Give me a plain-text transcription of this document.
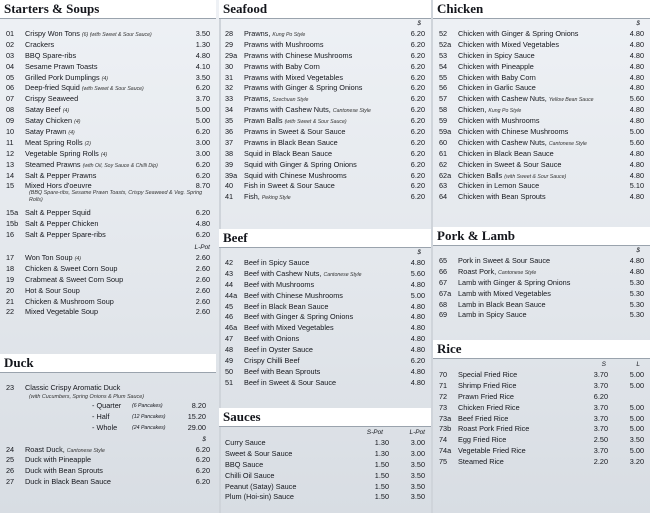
Starters & Soups
01	Crispy Won Tons (6) (with Sweet & Sour Sauce)	3.50
02	Crackers	1.30
03	BBQ Spare-ribs	4.80
04	Sesame Prawn Toasts	4.10
05	Grilled Pork Dumplings (4)	3.50
06	Deep-fried Squid (with Sweet & Sour Sauce)	6.20
07	Crispy Seaweed	3.70
08	Satay Beef (4)	5.00
09	Satay Chicken (4)	5.00
10	Satay Prawn (4)	6.20
11	Meat Spring Rolls (2)	3.00
12	Vegetable Spring Rolls (4)	3.00
13	Steamed Prawns (with Oil, Soy Sauce & Chilli Dip)	6.20
14	Salt & Pepper Prawns	6.20
15	Mixed Hors d'oeuvre	8.70
(BBQ Spare-ribs, Sesame Prawn Toasts, Crispy Seaweed & Veg. Spring Rolls)
15a Salt & Pepper Squid	6.20
15b Salt & Pepper Chicken	4.80
16	Salt & Pepper Spare-ribs	6.20
L-Pot
17	Won Ton Soup (4)	2.60
18	Chicken & Sweet Corn Soup	2.60
19	Crabmeat & Sweet Corn Soup	2.60
20	Hot & Sour Soup	2.60
21	Chicken & Mushroom Soup	2.60
22	Mixed Vegetable Soup	2.60
Duck
23	Classic Crispy Aromatic Duck
(with Cucumbers, Spring Onions & Plum Sauce)
- Quarter (6 Pancakes)	8.20
- Half	(12 Pancakes)	15.20
- Whole	(24 Pancakes)	29.00
$
24	Roast Duck, Cantonese Style	6.20
25	Duck with Pineapple	6.20
26	Duck with Bean Sprouts	6.20
27	Duck in Black Bean Sauce	6.20
Seafood
$
28	Prawns, Kung Po Style	6.20
29	Prawns with Mushrooms	6.20
29a Prawns with Chinese Mushrooms	6.20
30	Prawns with Baby Corn	6.20
31	Prawns with Mixed Vegetables	6.20
32	Prawns with Ginger & Spring Onions	6.20
33	Prawns, Szechuan Style	6.20
34	Prawns with Cashew Nuts, Cantonese Style	6.20
35	Prawn Balls (with Sweet & Sour Sauce)	6.20
36	Prawns in Sweet & Sour Sauce	6.20
37	Prawns in Black Bean Sauce	6.20
38	Squid in Black Bean Sauce	6.20
39	Squid with Ginger & Spring Onions	6.20
39a Squid with Chinese Mushrooms	6.20
40	Fish in Sweet & Sour Sauce	6.20
41	Fish, Peking Style	6.20
Beef
$
42	Beef in Spicy Sauce	4.80
43	Beef with Cashew Nuts, Cantonese Style	5.60
44	Beef with Mushrooms	4.80
44a Beef with Chinese Mushrooms	5.00
45	Beef in Black Bean Sauce	4.80
46	Beef with Ginger & Spring Onions	4.80
46a Beef with Mixed Vegetables	4.80
47	Beef with Onions	4.80
48	Beef in Oyster Sauce	4.80
49	Crispy Chilli Beef	6.20
50	Beef with Bean Sprouts	4.80
51	Beef in Sweet & Sour Sauce	4.80
Sauces
S-Pot	L-Pot
Curry Sauce	1.30	3.00
Sweet & Sour Sauce	1.30	3.00
BBQ Sauce	1.50	3.50
Chilli Oil Sauce	1.50	3.50
Peanut (Satay) Sauce	1.50	3.50
Plum (Hoi-sin) Sauce	1.50	3.50
Chicken
$
52	Chicken with Ginger & Spring Onions	4.80
52a Chicken with Mixed Vegetables	4.80
53	Chicken in Spicy Sauce	4.80
54	Chicken with Pineapple	4.80
55	Chicken with Baby Corn	4.80
56	Chicken in Garlic Sauce	4.80
57	Chicken with Cashew Nuts, Yellow Bean Sauce	5.60
58	Chicken, Kung Po Style	4.80
59	Chicken with Mushrooms	4.80
59a Chicken with Chinese Mushrooms	5.00
60	Chicken with Cashew Nuts, Cantonese Style	5.60
61	Chicken in Black Bean Sauce	4.80
62	Chicken in Sweet & Sour Sauce	4.80
62a Chicken Balls (with Sweet & Sour Sauce)	4.80
63	Chicken in Lemon Sauce	5.10
64	Chicken with Bean Sprouts	4.80
Pork & Lamb
$
65	Pork in Sweet & Sour Sauce	4.80
66	Roast Pork, Cantonese Style	4.80
67	Lamb with Ginger & Spring Onions	5.30
67a Lamb with Mixed Vegetables	5.30
68	Lamb in Black Bean Sauce	5.30
69	Lamb in Spicy Sauce	5.30
Rice
S	L
70	Special Fried Rice	3.70	5.00
71	Shrimp Fried Rice	3.70	5.00
72	Prawn Fried Rice	6.20
73	Chicken Fried Rice	3.70	5.00
73a Beef Fried Rice	3.70	5.00
73b Roast Pork Fried Rice	3.70	5.00
74	Egg Fried Rice	2.50	3.50
74a Vegetable Fried Rice	3.70	5.00
75	Steamed Rice	2.20	3.20
